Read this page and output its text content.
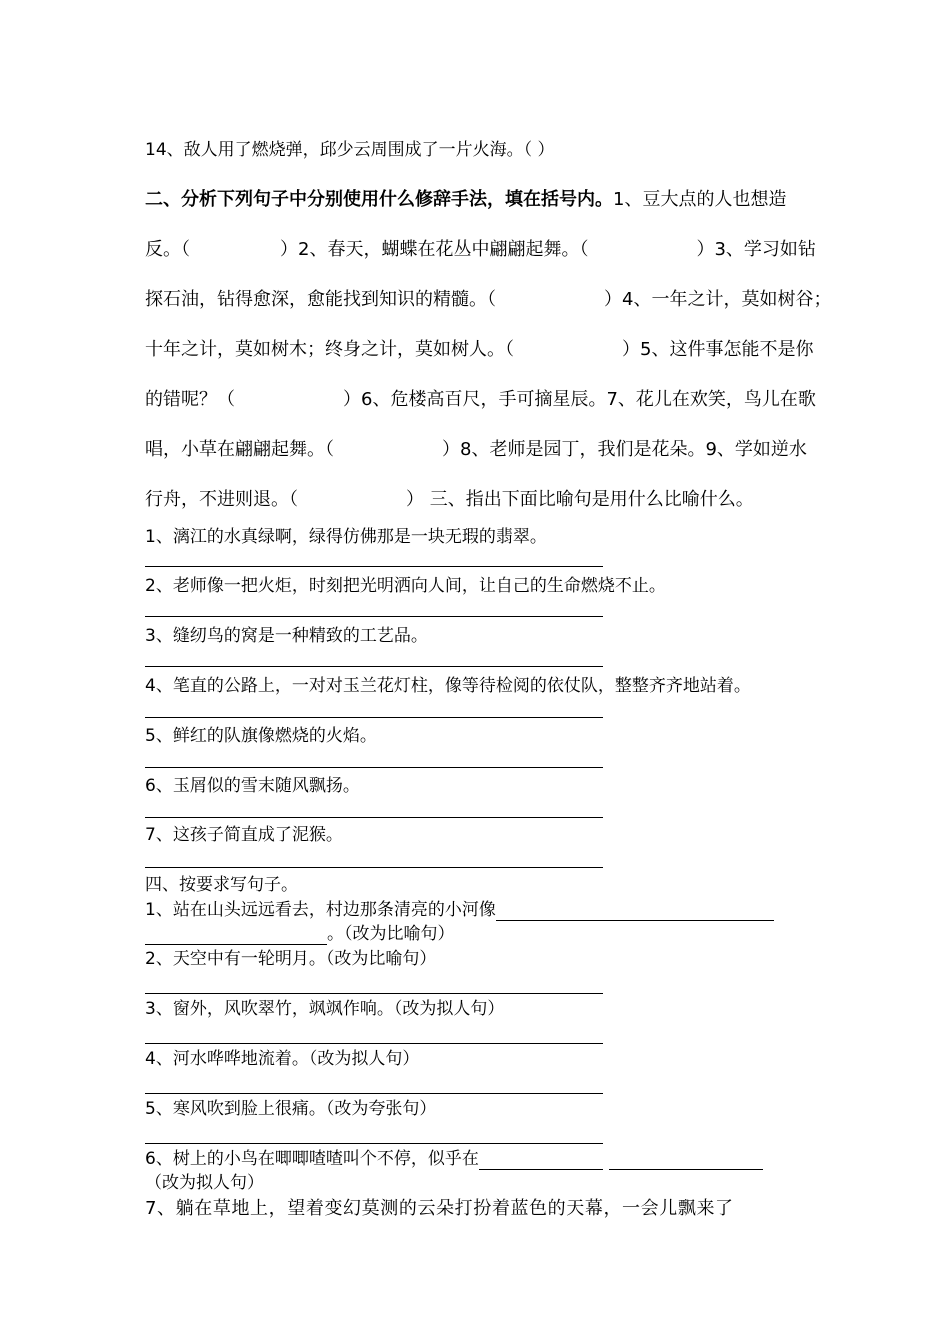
14、敌人用了燃烧弹，邱少云周围成了一片火海。（ ）
二、分析下列句子中分别使用什么修辞手法，填在括号内。1、豆大点的人也想造
反。（　　　　　）2、春天，蝴蝶在花丛中翩翩起舞。（　　　　　　）3、学习如钻
探石油，钻得愈深，愈能找到知识的精髓。（　　　　　　）4、一年之计，莫如树谷；
十年之计，莫如树木；终身之计，莫如树人。（　　　　　　）5、这件事怎能不是你
的错呢？（　　　　　　）6、危楼高百尺，手可摘星辰。7、花儿在欢笑，鸟儿在歌
唱，小草在翩翩起舞。（　　　　　　）8、老师是园丁，我们是花朵。9、学如逆水
行舟，不进则退。（　　　　　　） 三、指出下面比喻句是用什么比喻什么。
1、漓江的水真绿啊，绿得仿佛那是一块无瑕的翡翠。
2、老师像一把火炬，时刻把光明洒向人间，让自己的生命燃烧不止。
3、缝纫鸟的窝是一种精致的工艺品。
4、笔直的公路上，一对对玉兰花灯柱，像等待检阅的依仗队，整整齐齐地站着。
5、鲜红的队旗像燃烧的火焰。
6、玉屑似的雪末随风飘扬。
7、这孩子简直成了泥猴。
四、按要求写句子。
1、站在山头远远看去，村边那条清亮的小河像
。（改为比喻句）
2、天空中有一轮明月。（改为比喻句）
3、窗外，风吹翠竹，飒飒作响。（改为拟人句）
4、河水哗哗地流着。（改为拟人句）
5、寒风吹到脸上很痛。（改为夸张句）
6、树上的小鸟在唧唧喳喳叫个不停，似乎在
（改为拟人句）
7、躺在草地上，望着变幻莫测的云朵打扮着蓝色的天幕，一会儿飘来了
